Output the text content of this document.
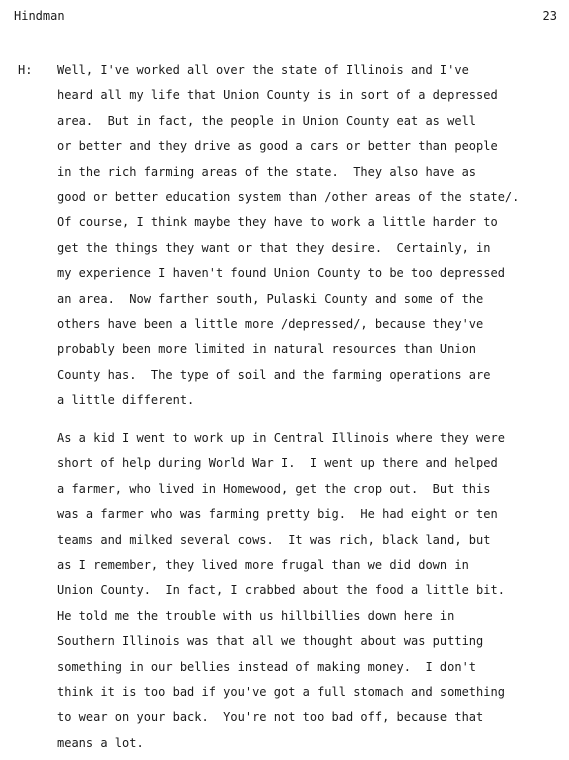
Hindman	23
H: Well, I've worked all over the state of Illinois and I've
heard all my life that Union County is in sort of a depressed
area.  But in fact, the people in Union County eat as well
or better and they drive as good a cars or better than people
in the rich farming areas of the state.  They also have as
good or better education system than /other areas of the state/.
Of course, I think maybe they have to work a little harder to
get the things they want or that they desire.  Certainly, in
my experience I haven't found Union County to be too depressed
an area.  Now farther south, Pulaski County and some of the
others have been a little more /depressed/, because they've
probably been more limited in natural resources than Union
County has.  The type of soil and the farming operations are
a little different.
As a kid I went to work up in Central Illinois where they were
short of help during World War I.  I went up there and helped
a farmer, who lived in Homewood, get the crop out.  But this
was a farmer who was farming pretty big.  He had eight or ten
teams and milked several cows.  It was rich, black land, but
as I remember, they lived more frugal than we did down in
Union County.  In fact, I crabbed about the food a little bit.
He told me the trouble with us hillbillies down here in
Southern Illinois was that all we thought about was putting
something in our bellies instead of making money.  I don't
think it is too bad if you've got a full stomach and something
to wear on your back.  You're not too bad off, because that
means a lot.
